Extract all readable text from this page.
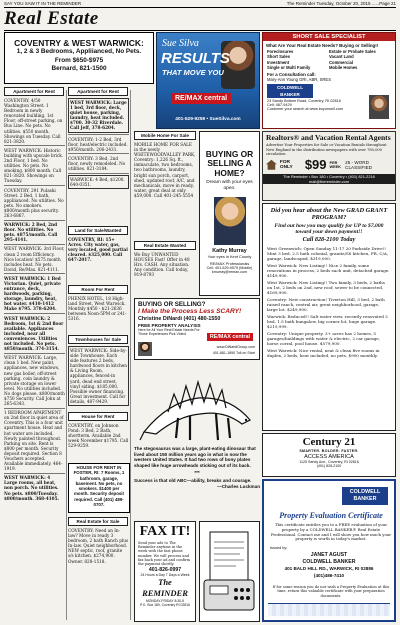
SAY YOU SAW IT IN THE REMINDER	The Reminder Tuesday, October 20, 2015 ......Page 21
Real Estate
COVENTRY & WEST WARWICK:
1, 2 & 3 Bedrooms, Appliianced, No Pets.
From $650-$975
Bernard, 821-1500
Sue Silva
RESULTS
THAT MOVE YOU
RE/MAX central
401-529-9259 • SueSilva.com
SHORT SALE SPECIALIST
What Are Your Real Estate Needs? Buying or Selling!!
Foreclosures	Estate or Probate Sales
Short Sales	Vacant Land
Investment	Commercial
Single or Multi Family	Mobile Homes
For a Consultation call:
Mary-Ann Young GRI, ABR, SRES
COLDWELL BANKER
23 Sandy Bottom Road, Coventry, RI 02816
Cell: 487-9429
Customer your search at www.buyonsell.com
Realtors® and Vacation Rental Agents
Advertise Your Properties for Sale or Vacation Rentals throughout New England in the distribution newspapers with over 780,000 circulation
FOR ONLY $99 PER WEEK
25 - WORD CLASSIFIED
The Reminder • Box 180 • Coventry • (401) 821-2216
mail@thereminder.com
Apartment for Rent
COVENTRY, 4/50 Washington Street. 1 Bedroom in newly renovated building. 1st Floor, off-street parking, on Bus Line. No pets. No utilities. $550 month. Showings on Tuesday. Call 821-3820.
WEST WARWICK: Historic building with upscale brick. 2nd Floor, 1 bed. No utilities. No pets. No smoking. $800 month. Call 821-3820. Showings on Tuesday.
COVENTRY, 291 Pulaski Street. 2 Bed, 1 bath, appliianced. No utilities. No pets. No smokers. $800/month plus security. 263-6867.
WARWICK: 2 Bed, 2nd floor. No utilities. No pets. $875/month. Call 295-4141.
WEST WARWICK: 3rd Floor, clean 2 room Efficiency. Nice location! $575 month includes heat. No pets. David, Re/Max. 821-4111.
WEST WARWICK: 1 Bed Victorian. Quiet, private entrance, deck, hardwoods, parking, storage, laundry, heat, hot water. $410-1412 Make $795. 378-6204.
WEST WARWICK: 2 Bedroom, 1st & 2nd floor available. Appliances included, near all conveniences. Utilities not included. No pets. $850/month. 374-3154.
WEST WARWICK: Large, clean 1 bed. New paint, appliances, new windows, new gas boiler, off-street parking, coin laundry & private storage on lower level. No utilities included. No dogs please. $800/month $750 Security. Call John at 265-6343.
1 BEDROOM APARTMENT on 2nd floor in quiet area of Coventry. This is a four unit apartment house. Heat and hot water are included. Newly painted throughout. Parking on site. Rent is $800 per month. Security deposit required. Section 8 Vouchers accepted. Available immediately. 464-1919.
WEST WARWICK: 4 Large rooms, all heat, non porch. No utilities. No pets. $800/Tuesday. $800/month. 368-4105.
Apartment for Rent
WEST WARWICK: Large 1 bed, 3rd floor, deck, quiet house, parking, laundry, heat included. $700. 30-32 Riverdale. Call Jeff, 378-6204.
COVENTRY: 1-2 Bed, 3rd floor, heat/electric included. $950/month. 206-2431.
COVENTRY: 3 Bed, 2nd floor, newly remodeled. No utilities. 821-3184.
WARWICK: 4 Bed, $1200. 640-0351.
Land for Sale/Wanted
COVENTRY, RI: 15+ Acres. City water, gas, very located, good partial cleared. $325,000. Call 647-2017.
Room For Rent
PHENIX HOTEL, 18 High-land Street, West Warwick. Monthly $450 - $21-2636 between Noon-5PM or 241-5316.
Townhouses for Sale
WEST WARWICK: Side-by-side Townhouse. Each side features 2 beds, hardwood floors in kitchen & Living Room, appliances, fenced-in yard, dead end street, vinyl siding. $185,000. Possible owner financing. Great investment. Call for details, 487-9429.
House for Rent
COVENTRY, on Johnson Pond: 3 Bed, 2 Bath, shortterm. Available 2nd week November $1795. Call 529-9259.
HOUSE FOR RENT IN FOSTER, RI: 7 Rooms, 1 bathroom, garage, basement. No pets, no smokers. $1400 per month. Security deposit required. Call (401) 489-0707.
Real Estate for Sale
COVENTRY: Need an In-law? Move in ready 3 bedroom, 2 bath Ranch plus In-law. Quiet neighborhood. NEW septic, roof, granite s/s kitchen. $274,900. Owner. 828-1518.
Mobile Home For Sale
MOBILE HOME FOR SALE in the newly WHITEWOODVALLEY PARK, Coventry: 1,226 Sq. ft., immaculate, two bedrooms, two bathrooms, laundry, bright sun porch, carport, shed, updated roof, A/C, and mechanicals, move in ready, water, great deal at only $59,000. Call 401-245-5554
Real Estate Wanted
We Buy UNWANTED HOUSES Fast! Offer in 48 Hrs. CASH. Any situation. Any condition. Call today, 919-8793
BUYING OR SELLING A HOME?
Dream with your eyes open.
Kathy Murray
Your eyes in Kent County
RE/MAX Professionals
Cell: 401-529-9575 (Mobile)
kmurray@remax.com
BUYING OR SELLING?
I Make the Process Less SCARY!
Christine DiNardi (401) 480-1550
FREE PROPERTY ANALYSIS
Here for All Your Real Estate Needs For Those Experiences Pick Video!	RE/MAX central
www.DiNardiGroup.com
401-681-1890 Toll on Start
The stegosaurus was a large, plant-eating dinosaur that lived about 150 million years ago in what is now the western United States. It had two rows of bony plates shaped like huge arrowheads sticking out of its back.
***
Success is that old ABC—ability, breaks and courage.
—Charles Luckman
FAX IT!
Send your ads to The Reminder anytime in the week with the fast phone number. We will process and fax back your ad and confirm the payment shortly.
401-826-0997
24 Hours a Day 7 Days a Week
The REMINDER
MONDAY-FRIDAY 8:30-5
P.O. Box 180, Coventry RI 02816
Did you hear about the New GRAD GRANT PROGRAM?
Find out how you may qualify for UP to $7,000 toward your down payment!!
Call 828-2100 Today
West Greenwich: Open Sunday 11-17 20 Parkside Drive!! Mint 3 bed, 2.5 bath colonial, granite/SS kitchen, FR, C/A, garage, landscaped, $319,000.
West Warwick: New Listing!! Nice 2 family, some renovations in process, 2 beds each unit, detached garage. $149,900.
West Warwick: New Listing!! Two family, 3 beds, 2 baths on 1st, 2 beds on 2nd, new roof, sewer to be connected, $169,900.
Coventry: New construction! Tiverton Hill, 3 bed, 2 bath raised ranch, central air, great neighborhood, garage, large lot. $249,900.
Warwick: Reduced!! Salt water view, recently renovated 3 bed, 1.5 bath bungalow, big corner lot, huge garage. $219,999.
Coventry: Unique property. 3+ acres has 2 homes, 5 garages/buildings with water & electric, 2 car garage, horse corral, pool house. $579,900.
West Warwick: Nice rental, neat & clean five rooms in duplex, 2 beds, heat included, no pets, $900 monthly.
Century 21
SMARTER. BOLDER. FASTER.
ACCESS AMERICA
1125 Sandy Ave., Coventry, RI 02816
(401) 828-2100
COLDWELL BANKER
Property Evaluation Certificate
This certificate entitles you to a FREE evaluation of your property by a COLDWELL BANKER® Real Estate Professional. Contact me and I will show you how much your property is worth in today's market.
Issued by:
JANET AGUST
COLDWELL BANKER
401 BALD HILL RD., WARWICK, RI 02886
(401)486-7410
If for some reason you do not wish a Property Evaluation at this time, return this valuable certificate with your preparation documents.
